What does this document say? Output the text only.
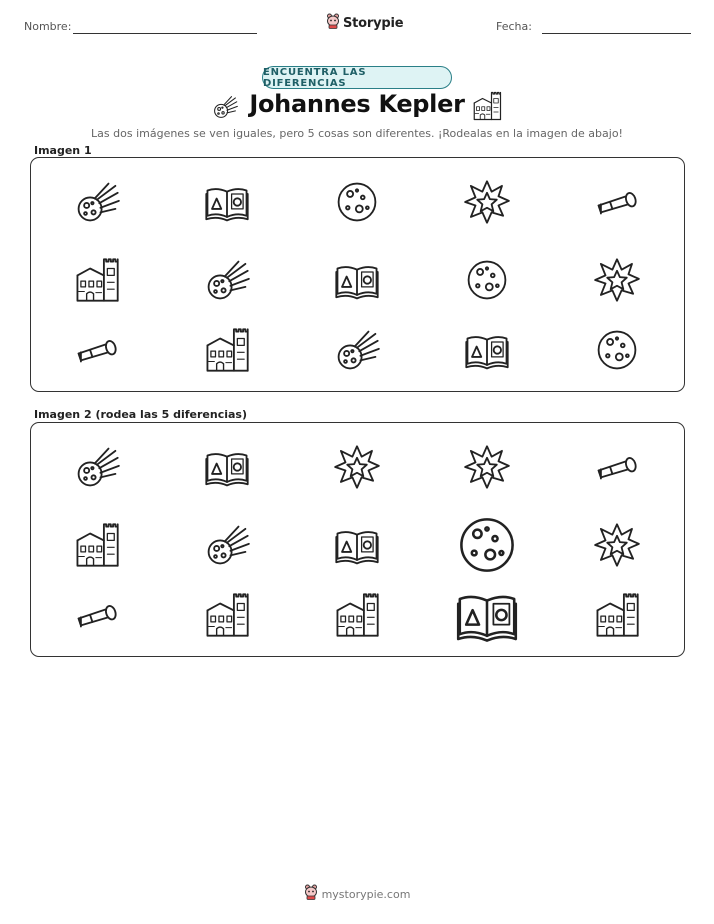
Nombre:	Storypie	Fecha:
ENCUENTRA LAS DIFERENCIAS
Johannes Kepler
Las dos imágenes se ven iguales, pero 5 cosas son diferentes. ¡Rodealas en la imagen de abajo!
Imagen 1
Imagen 2 (rodea las 5 diferencias)
mystorypie.com
